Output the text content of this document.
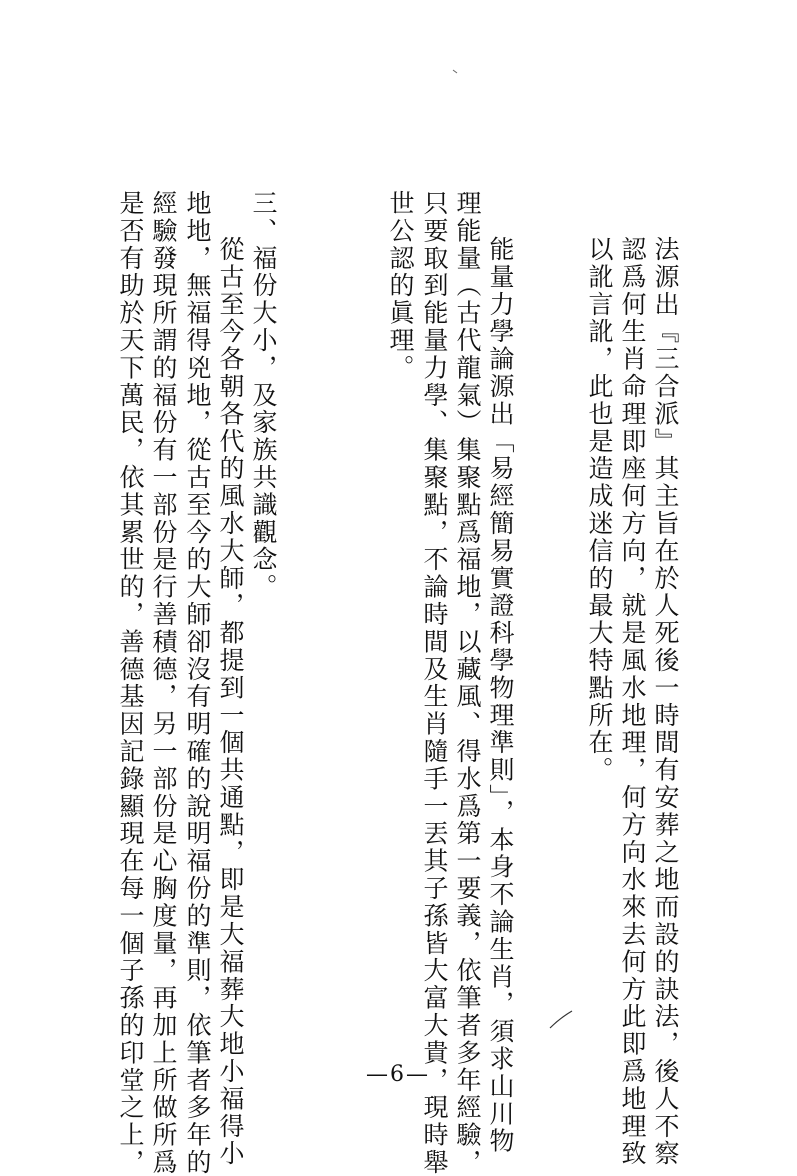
法源出『三合派』其主旨在於人死後一時間有安葬之地而設的訣法，後人不察
認爲何生肖命理即座何方向，就是風水地理，何方向水來去何方此即爲地理致
以訛言訛，此也是造成迷信的最大特點所在。
能量力學論源出「易經簡易實證科學物理準則」，本身不論生肖，須求山川物
理能量（古代龍氣）集聚點爲福地，以藏風、得水爲第一要義，依筆者多年經驗，
只要取到能量力學、集聚點，不論時間及生肖隨手一丟其子孫皆大富大貴，現時舉
世公認的眞理。
三、福份大小，及家族共識觀念。
從古至今各朝各代的風水大師，都提到一個共通點，即是大福葬大地小福得小
地地，無福得兇地，從古至今的大師卻沒有明確的說明福份的準則，依筆者多年的
經驗發現所謂的福份有一部份是行善積德，另一部份是心胸度量，再加上所做所爲
是否有助於天下萬民，依其累世的，善德基因記錄顯現在每一個子孫的印堂之上，	—6—
